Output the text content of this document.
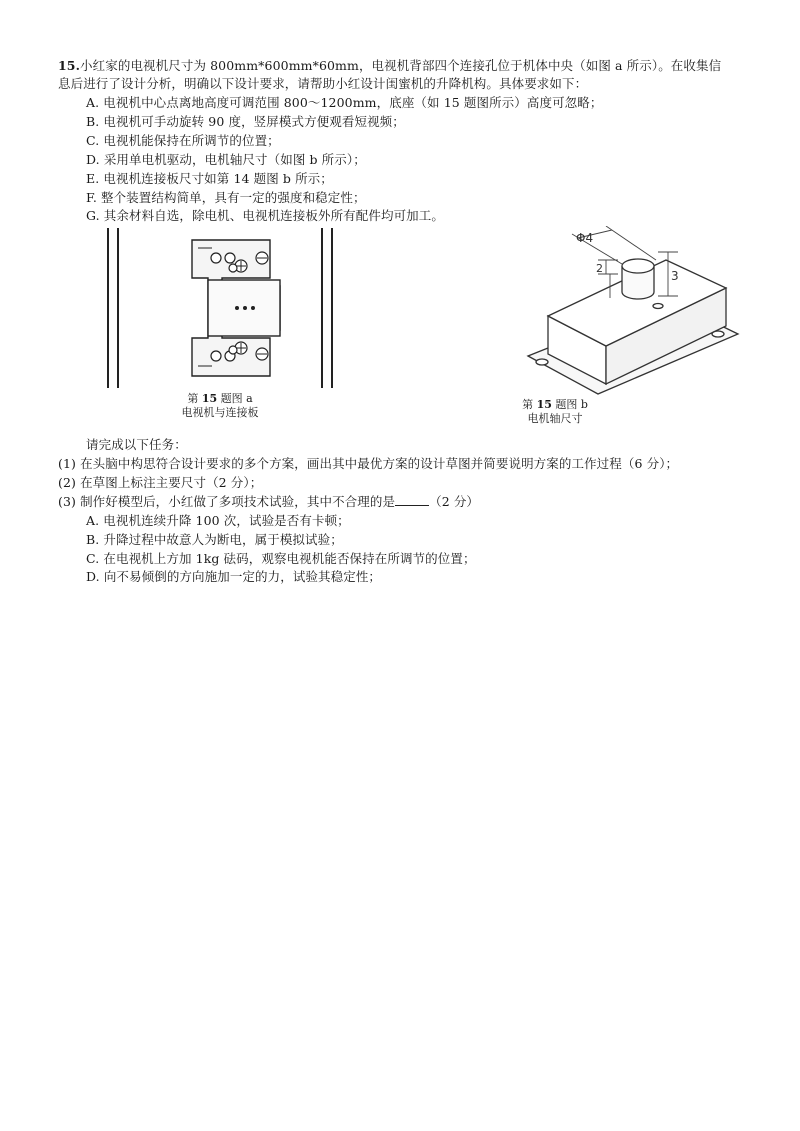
15.小红家的电视机尺寸为 800mm*600mm*60mm，电视机背部四个连接孔位于机体中央（如图 a 所示）。在收集信
息后进行了设计分析，明确以下设计要求，请帮助小红设计闺蜜机的升降机构。具体要求如下：
A. 电视机中心点离地高度可调范围 800～1200mm，底座（如 15 题图所示）高度可忽略；
B. 电视机可手动旋转 90 度，竖屏模式方便观看短视频；
C. 电视机能保持在所调节的位置；
D. 采用单电机驱动，电机轴尺寸（如图 b 所示）；
E. 电视机连接板尺寸如第 14 题图 b 所示；
F. 整个装置结构简单，具有一定的强度和稳定性；
G. 其余材料自选，除电机、电视机连接板外所有配件均可加工。
第 15 题图 a
电视机与连接板
Φ4
2
3
第 15 题图 b
电机轴尺寸
请完成以下任务：
(1) 在头脑中构思符合设计要求的多个方案，画出其中最优方案的设计草图并简要说明方案的工作过程（6 分）；
(2) 在草图上标注主要尺寸（2 分）；
(3) 制作好模型后，小红做了多项技术试验，其中不合理的是	（2 分）
A. 电视机连续升降 100 次，试验是否有卡顿；
B. 升降过程中故意人为断电，属于模拟试验；
C. 在电视机上方加 1kg 砝码，观察电视机能否保持在所调节的位置；
D. 向不易倾倒的方向施加一定的力，试验其稳定性；
